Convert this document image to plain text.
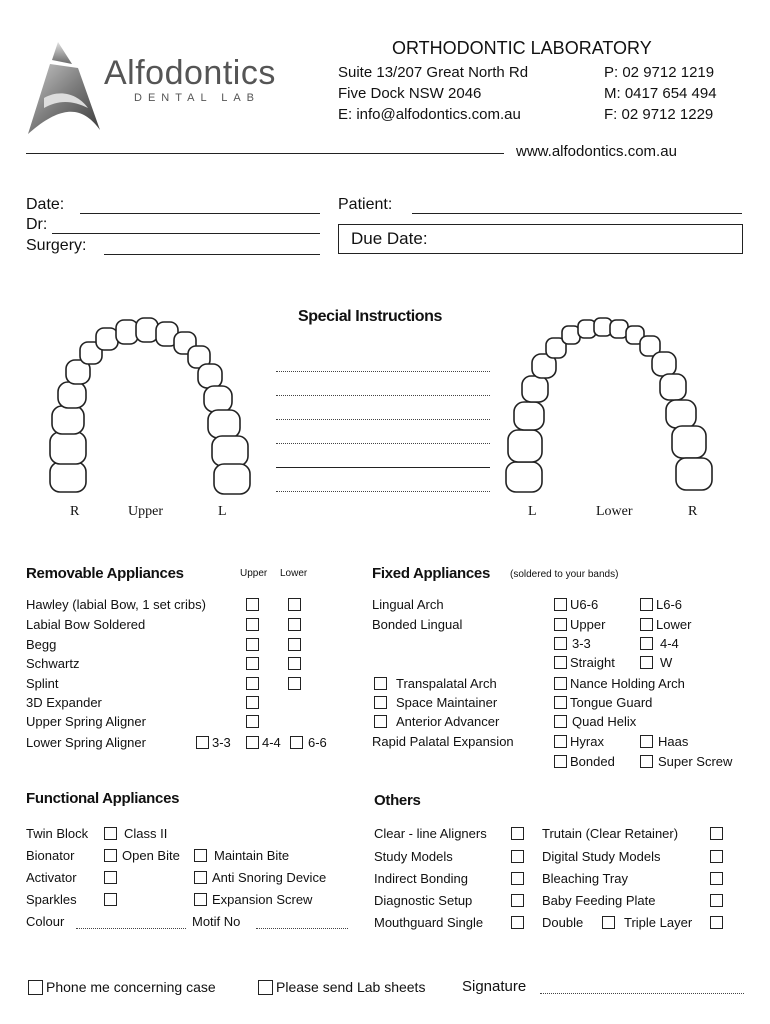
Alfodontics
DENTAL LAB
ORTHODONTIC LABORATORY
Suite 13/207 Great North Rd
Five Dock NSW 2046
E: info@alfodontics.com.au
P: 02 9712 1219
M: 0417 654 494
F: 02 9712 1229
www.alfodontics.com.au
Date:
Dr:
Surgery:
Patient:
Due Date:
Special Instructions
R	Upper	L	L	Lower	R
Removable Appliances	Upper Lower
Hawley (labial Bow, 1 set cribs)
Labial Bow Soldered
Begg
Schwartz
Splint
3D Expander
Upper Spring Aligner
Lower Spring Aligner	3-3 4-4 6-6
Fixed Appliances (soldered to your bands)
Lingual Arch	U6-6	L6-6
Bonded Lingual	Upper	Lower
3-3	4-4
Straight	W
Transpalatal Arch	Nance Holding Arch
Space Maintainer	Tongue Guard
Anterior Advancer	Quad Helix
Rapid Palatal Expansion	Hyrax	Haas
Bonded	Super Screw
Functional Appliances
Twin Block	Class II
Bionator	Open Bite	Maintain Bite
Activator	Anti Snoring Device
Sparkles	Expansion Screw
Colour	Motif No
Others
Clear - line Aligners	Trutain (Clear Retainer)
Study Models	Digital Study Models
Indirect Bonding	Bleaching Tray
Diagnostic Setup	Baby Feeding Plate
Mouthguard Single	Double	Triple Layer
Phone me concerning case	Please send Lab sheets Signature
